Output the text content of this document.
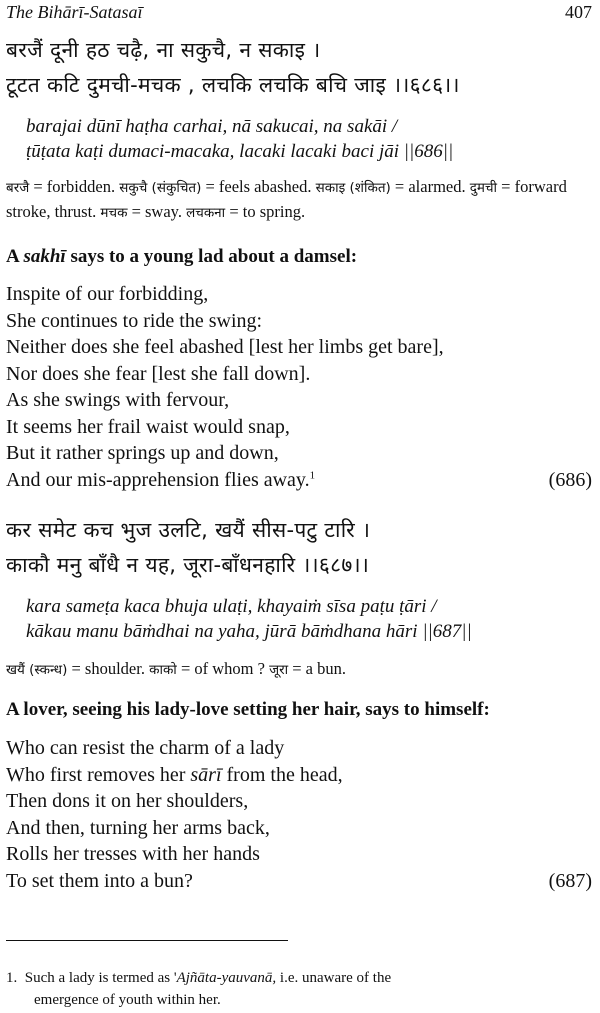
The Bihārī-Satasaī	407
बरजैं दूनी हठ चढ़ै, ना सकुचै, न सकाइ ।
टूटत कटि दुमची-मचक , लचकि लचकि बचि जाइ ।।६८६।।
barajai dūnī haṭha carhai, nā sakucai, na sakāi /
ṭūṭata kaṭi dumaci-macaka, lacaki lacaki baci jāi ||686||
बरजै = forbidden. सकुचै (संकुचित) = feels abashed. सकाइ (शंकित) = alarmed. दुमची = forward stroke, thrust. मचक = sway. लचकना = to spring.
A sakhī says to a young lad about a damsel:
Inspite of our forbidding,
She continues to ride the swing:
Neither does she feel abashed [lest her limbs get bare],
Nor does she fear [lest she fall down].
As she swings with fervour,
It seems her frail waist would snap,
But it rather springs up and down,
And our mis-apprehension flies away.$^1$	(686)
कर समेट कच भुज उलटि, खयैं सीस-पटु टारि ।
काकौ मनु बाँधै न यह, जूरा-बाँधनहारि ।।६८७।।
kara sameṭa kaca bhuja ulaṭi, khayaiṁ sīsa paṭu ṭāri /
kākau manu bāṁdhai na yaha, jūrā bāṁdhana hāri ||687||
खयैं (स्कन्ध) = shoulder. काको = of whom ? जूरा = a bun.
A lover, seeing his lady-love setting her hair, says to himself:
Who can resist the charm of a lady
Who first removes her sārī from the head,
Then dons it on her shoulders,
And then, turning her arms back,
Rolls her tresses with her hands
To set them into a bun?	(687)
1. Such a lady is termed as 'Ajñāta-yauvanā, i.e. unaware of the
emergence of youth within her.
